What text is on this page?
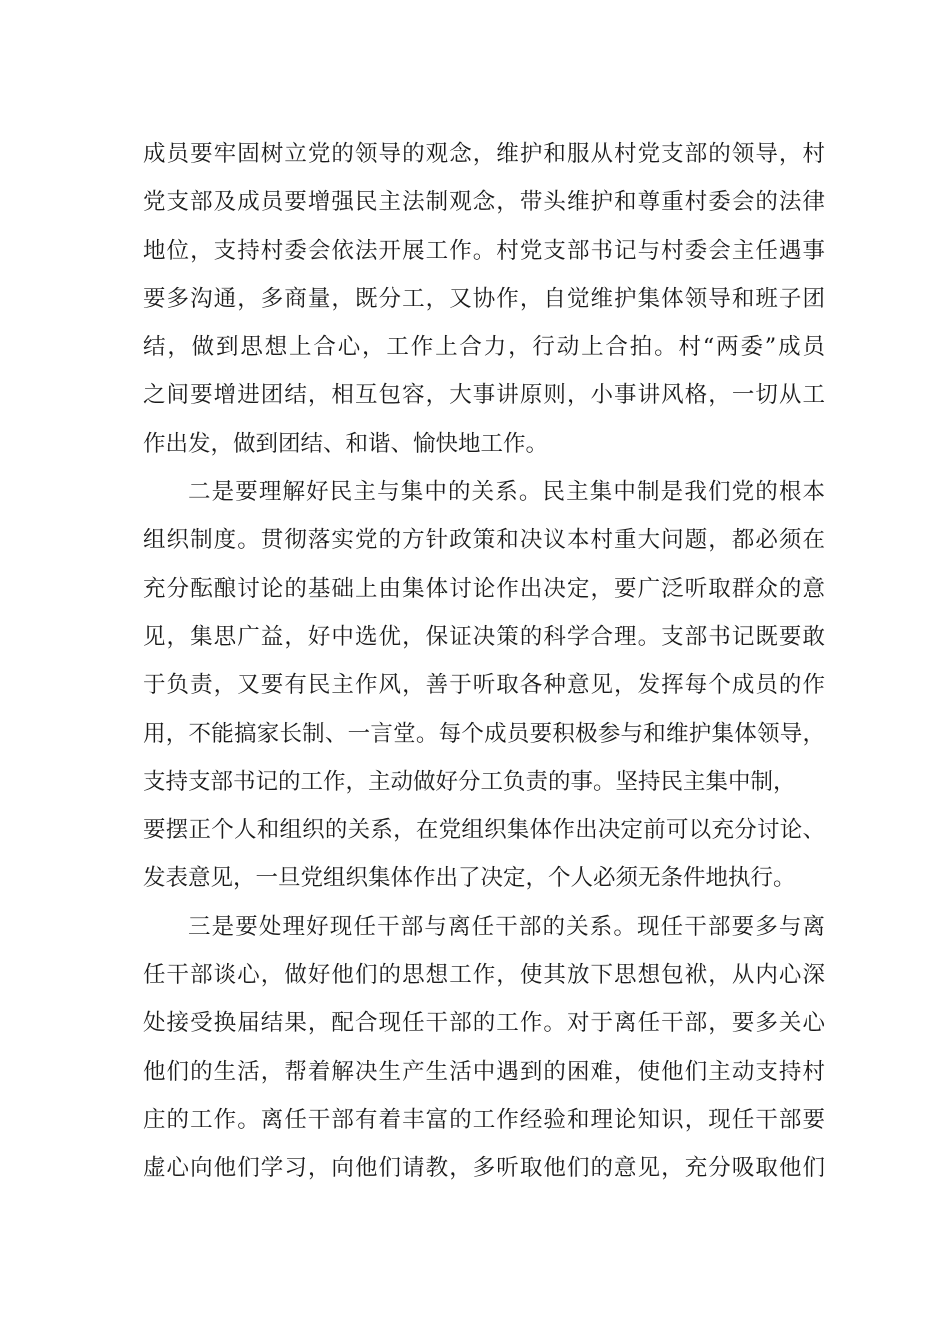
成员要牢固树立党的领导的观念，维护和服从村党支部的领导，村
党支部及成员要增强民主法制观念，带头维护和尊重村委会的法律
地位，支持村委会依法开展工作。村党支部书记与村委会主任遇事
要多沟通，多商量，既分工，又协作，自觉维护集体领导和班子团
结，做到思想上合心，工作上合力，行动上合拍。村“两委”成员
之间要增进团结，相互包容，大事讲原则，小事讲风格，一切从工
作出发，做到团结、和谐、愉快地工作。
二是要理解好民主与集中的关系。民主集中制是我们党的根本
组织制度。贯彻落实党的方针政策和决议本村重大问题，都必须在
充分酝酿讨论的基础上由集体讨论作出决定，要广泛听取群众的意
见，集思广益，好中选优，保证决策的科学合理。支部书记既要敢
于负责，又要有民主作风，善于听取各种意见，发挥每个成员的作
用，不能搞家长制、一言堂。每个成员要积极参与和维护集体领导，
支持支部书记的工作，主动做好分工负责的事。坚持民主集中制，
要摆正个人和组织的关系，在党组织集体作出决定前可以充分讨论、
发表意见，一旦党组织集体作出了决定，个人必须无条件地执行。
三是要处理好现任干部与离任干部的关系。现任干部要多与离
任干部谈心，做好他们的思想工作，使其放下思想包袱，从内心深
处接受换届结果，配合现任干部的工作。对于离任干部，要多关心
他们的生活，帮着解决生产生活中遇到的困难，使他们主动支持村
庄的工作。离任干部有着丰富的工作经验和理论知识，现任干部要
虚心向他们学习，向他们请教，多听取他们的意见，充分吸取他们
